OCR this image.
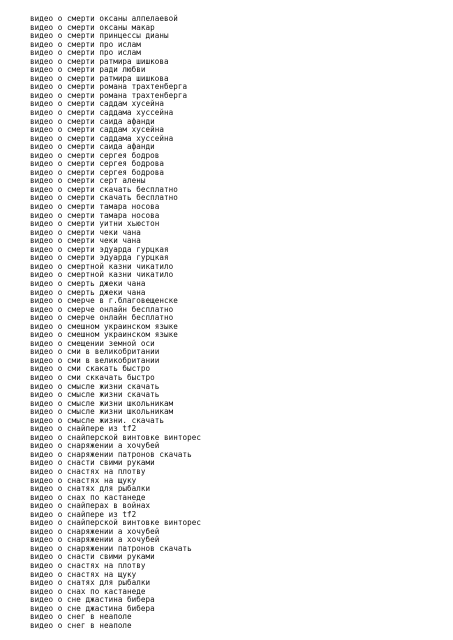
видео о смерти оксаны алпелаевой
видео о смерти оксаны макар
видео о смерти принцессы дианы
видео о смерти про ислам
видео о смерти про ислам
видео о смерти ратмира шишкова
видео о смерти ради любви
видео о смерти ратмира шишкова
видео о смерти романа трахтенберга
видео о смерти романа трахтенберга
видео о смерти саддам хусейна
видео о смерти саддама хуссейна
видео о смерти саида афанди
видео о смерти саддам хусейна
видео о смерти саддама хуссейна
видео о смерти саида афанди
видео о смерти сергея бодров
видео о смерти сергея бодрова
видео о смерти сергея бодрова
видео о смерти серт алены
видео о смерти скачать бесплатно
видео о смерти скачать бесплатно
видео о смерти тамара носова
видео о смерти тамара носова
видео о смерти уитни хьюстон
видео о смерти чеки чана
видео о смерти чеки чана
видео о смерти эдуарда гурцкая
видео о смерти эдуарда гурцкая
видео о смертной казни чикатило
видео о смертной казни чикатило
видео о смерть джеки чана
видео о смерть джеки чана
видео о смерче в г.благовещенске
видео о смерче онлайн бесплатно
видео о смерче онлайн бесплатно
видео о смешном украинском языке
видео о смешном украинском языке
видео о смещении земной оси
видео о сми в великобритании
видео о сми в великобритании
видео о сми скакать быстро
видео о сми сккачать быстро
видео о смысле жизни скачать
видео о смысле жизни скачать
видео о смысле жизни школьникам
видео о смысле жизни школьникам
видео о смысле жизни. скачать
видео о снайпере из tf2
видео о снайперской винтовке винторес
видео о снаряжении а хочубей
видео о снаряжении патронов скачать
видео о снасти свими руками
видео о снастях на плотву
видео о снастях на щуку
видео о снатях для рыбалки
видео о снах по кастанеде
видео о снайперах в войнах
видео о снайпере из tf2
видео о снайперской винтовке винторес
видео о снаряжении а хочубей
видео о снаряжении а хочубей
видео о снаряжении патронов скачать
видео о снасти свими руками
видео о снастях на плотву
видео о снастях на щуку
видео о снатях для рыбалки
видео о снах по кастанеде
видео о сне джастина бибера
видео о сне джастина бибера
видео о снег в неаполе
видео о снег в неаполе
